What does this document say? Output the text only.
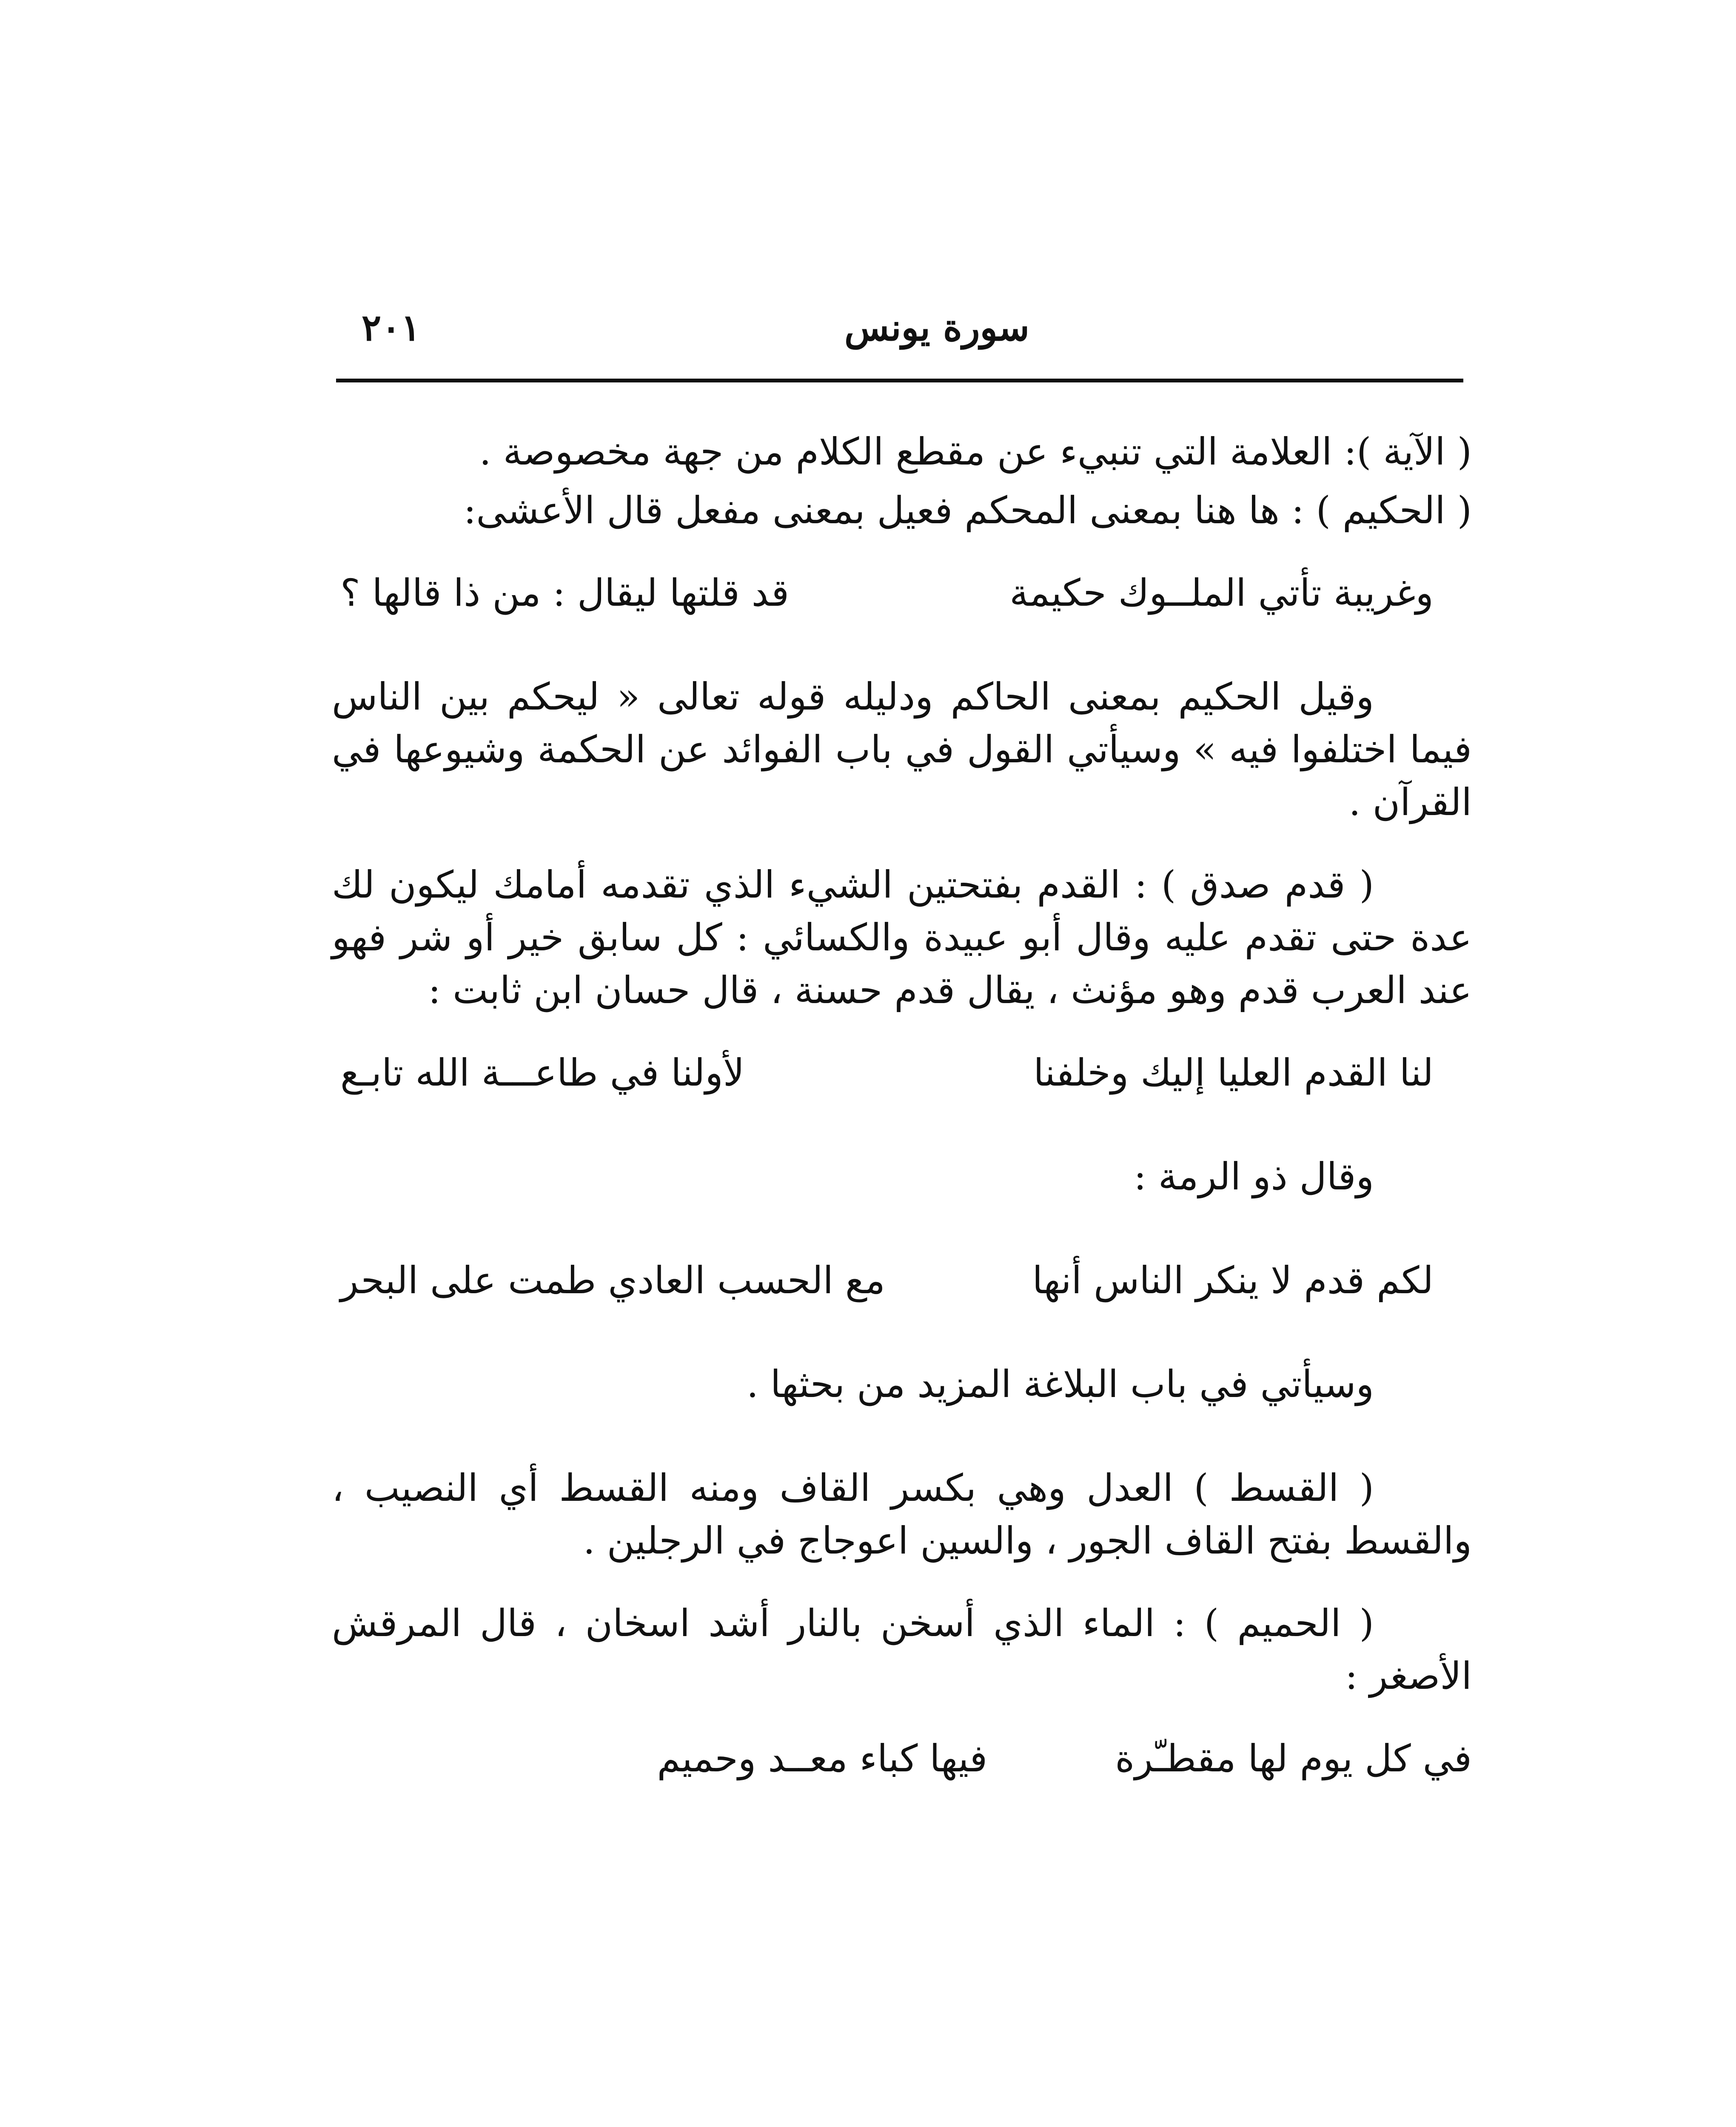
سورة يونس
٢٠١

( الآية ): العلامة التي تنبيء عن مقطع الكلام من جهة مخصوصة .

( الحكيم ) : ها هنا بمعنى المحكم فعيل بمعنى مفعل قال الأعشى:

وغريبة تأتي الملــوك حكيمة
قد قلتها ليقال : من ذا قالها ؟

وقيل الحكيم بمعنى الحاكم ودليله قوله تعالى « ليحكم بين الناس فيما اختلفوا فيه » وسيأتي القول في باب الفوائد عن الحكمة وشيوعها في القرآن .

( قدم صدق ) : القدم بفتحتين الشيء الذي تقدمه أمامك ليكون لك عدة حتى تقدم عليه وقال أبو عبيدة والكسائي : كل سابق خير أو شر فهو عند العرب قدم وهو مؤنث ، يقال قدم حسنة ، قال حسان ابن ثابت :

لنا القدم العليا إليك وخلفنا
لأولنا في طاعـــة الله تابـع
وقال ذو الرمة :
لكم قدم لا ينكر الناس أنها
مع الحسب العادي طمت على البحر
وسيأتي في باب البلاغة المزيد من بحثها .

( القسط ) العدل وهي بكسر القاف ومنه القسط أي النصيب ، والقسط بفتح القاف الجور ، والسين اعوجاج في الرجلين .

( الحميم ) : الماء الذي أسخن بالنار أشد اسخان ، قال المرقش الأصغر :

في كل يوم لها مقطـّرة
فيها كباء معــد وحميم
